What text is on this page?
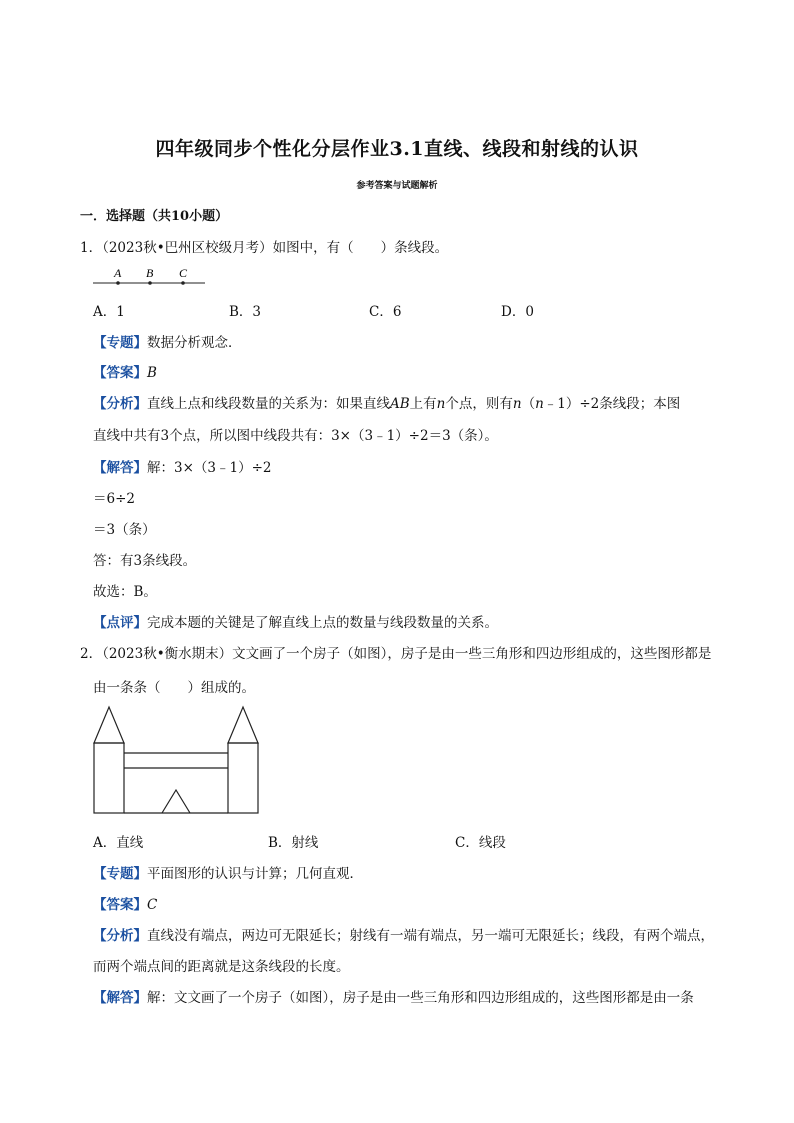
四年级同步个性化分层作业3.1直线、线段和射线的认识
参考答案与试题解析
一．选择题（共10小题）
1．（2023秋•巴州区校级月考）如图中，有（　　）条线段。
A B C
A．1	B．3	C．6	D．0
【专题】数据分析观念．
【答案】B
【分析】直线上点和线段数量的关系为：如果直线AB上有n个点，则有n（n﹣1）÷2条线段；本图
直线中共有3个点，所以图中线段共有：3×（3﹣1）÷2＝3（条）。
【解答】解：3×（3﹣1）÷2
＝6÷2
＝3（条）
答：有3条线段。
故选：B。
【点评】完成本题的关键是了解直线上点的数量与线段数量的关系。
2．（2023秋•衡水期末）文文画了一个房子（如图），房子是由一些三角形和四边形组成的，这些图形都是
由一条条（　　）组成的。
A．直线	B．射线	C．线段
【专题】平面图形的认识与计算；几何直观．
【答案】C
【分析】直线没有端点，两边可无限延长；射线有一端有端点，另一端可无限延长；线段，有两个端点，
而两个端点间的距离就是这条线段的长度。
【解答】解：文文画了一个房子（如图），房子是由一些三角形和四边形组成的，这些图形都是由一条
